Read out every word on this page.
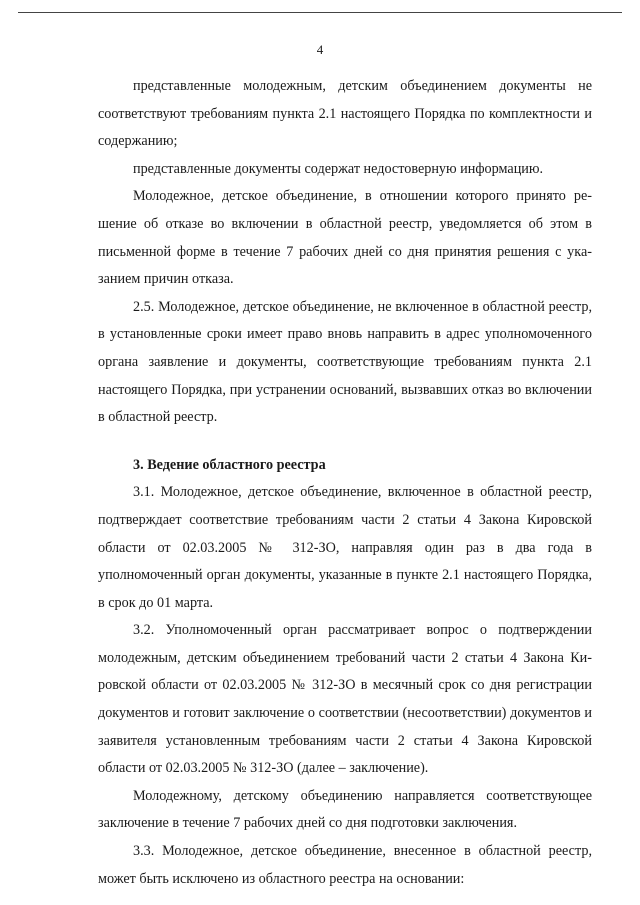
4

представленные молодежным, детским объединением документы не соответствуют требованиям пункта 2.1 настоящего Порядка по комплектности и содержанию;

представленные документы содержат недостоверную информацию.

Молодежное, детское объединение, в отношении которого принято решение об отказе во включении в областной реестр, уведомляется об этом в письменной форме в течение 7 рабочих дней со дня принятия решения с указанием причин отказа.

2.5. Молодежное, детское объединение, не включенное в областной реестр, в установленные сроки имеет право вновь направить в адрес уполномоченного органа заявление и документы, соответствующие требованиям пункта 2.1 настоящего Порядка, при устранении оснований, вызвавших отказ во включении в областной реестр.

3. Ведение областного реестра

3.1. Молодежное, детское объединение, включенное в областной реестр, подтверждает соответствие требованиям части 2 статьи 4 Закона Кировской области от 02.03.2005 № 312-ЗО, направляя один раз в два года в уполномоченный орган документы, указанные в пункте 2.1 настоящего Порядка, в срок до 01 марта.

3.2. Уполномоченный орган рассматривает вопрос о подтверждении молодежным, детским объединением требований части 2 статьи 4 Закона Кировской области от 02.03.2005 № 312-ЗО в месячный срок со дня регистрации документов и готовит заключение о соответствии (несоответствии) документов и заявителя установленным требованиям части 2 статьи 4 Закона Кировской области от 02.03.2005 № 312-ЗО (далее – заключение).

Молодежному, детскому объединению направляется соответствующее заключение в течение 7 рабочих дней со дня подготовки заключения.

3.3. Молодежное, детское объединение, внесенное в областной реестр, может быть исключено из областного реестра на основании:
